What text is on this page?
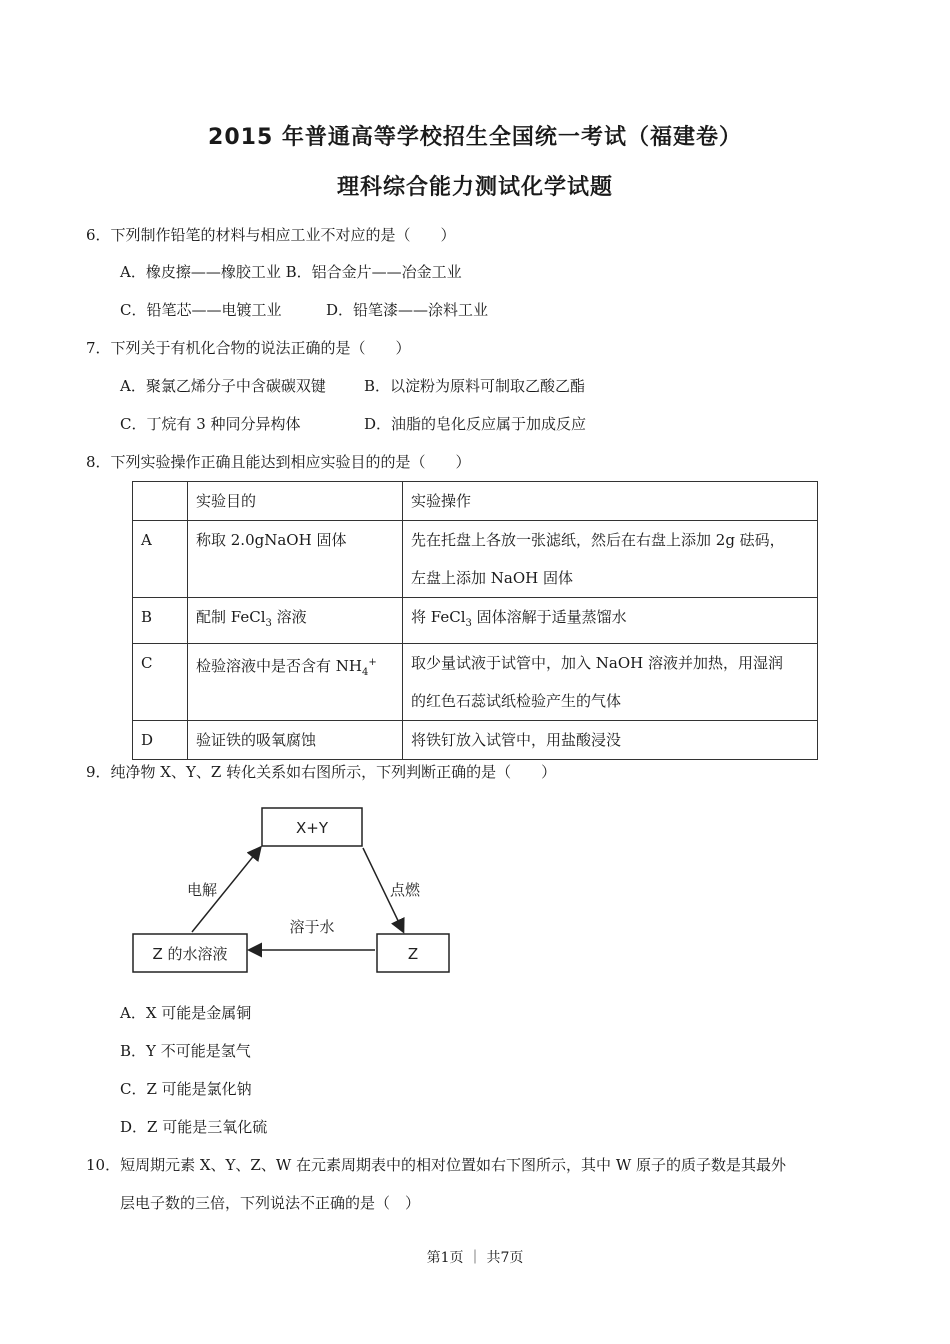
2015 年普通高等学校招生全国统一考试（福建卷）
理科综合能力测试化学试题
6．下列制作铅笔的材料与相应工业不对应的是（　　）
A．橡皮擦——橡胶工业 B．铝合金片——冶金工业
C．铅笔芯——电镀工业	D．铅笔漆——涂料工业
7．下列关于有机化合物的说法正确的是（　　）
A．聚氯乙烯分子中含碳碳双键	B．以淀粉为原料可制取乙酸乙酯
C．丁烷有 3 种同分异构体	D．油脂的皂化反应属于加成反应
8．下列实验操作正确且能达到相应实验目的的是（　　）
	实验目的	实验操作
A	称取 2.0gNaOH 固体	先在托盘上各放一张滤纸，然后在右盘上添加 2g 砝码，
左盘上添加 NaOH 固体

B	配制 FeCl$_3$ 溶液	将 FeCl$_3$ 固体溶解于适量蒸馏水
C	检验溶液中是否含有 $NH_4^+$	取少量试液于试管中，加入 NaOH 溶液并加热，用湿润
的红色石蕊试纸检验产生的气体

D	验证铁的吸氧腐蚀	将铁钉放入试管中，用盐酸浸没
9．纯净物 X、Y、Z 转化关系如右图所示，下列判断正确的是（　　）
X+Y
Z 的水溶液	Z
电解	点燃
溶于水
A．X 可能是金属铜
B．Y 不可能是氢气
C．Z 可能是氯化钠
D．Z 可能是三氧化硫
10．短周期元素 X、Y、Z、W 在元素周期表中的相对位置如右下图所示，其中 W 原子的质子数是其最外
层电子数的三倍，下列说法不正确的是（　）
第1页 ｜ 共7页
